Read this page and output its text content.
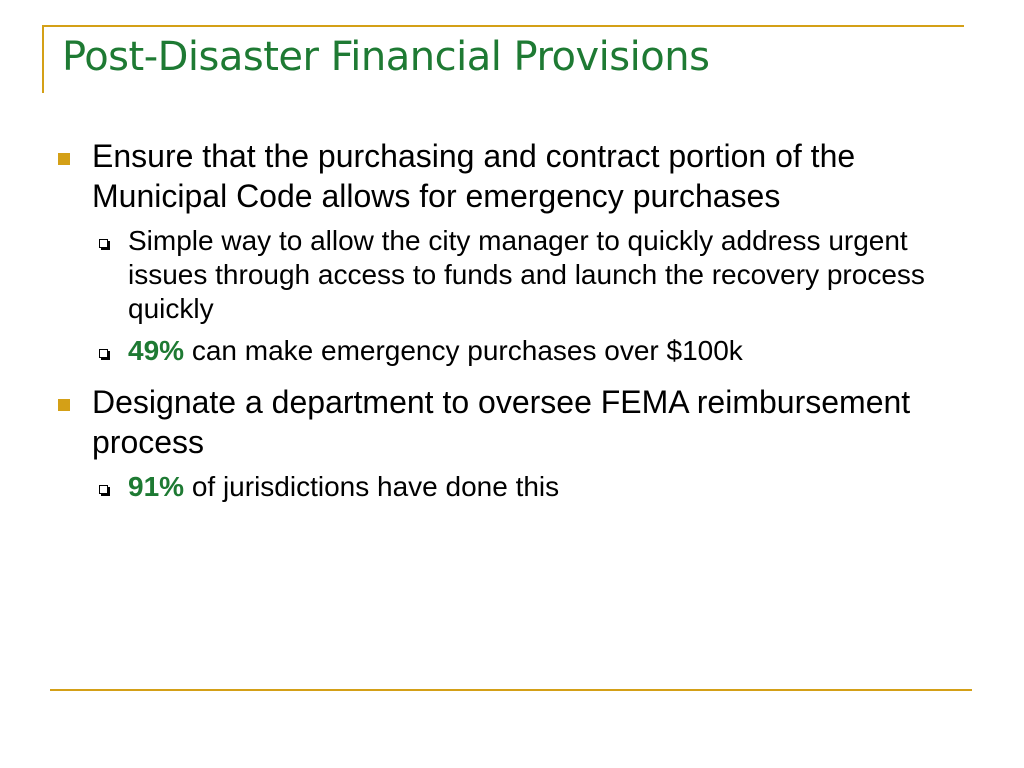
Post-Disaster Financial Provisions
Ensure that the purchasing and contract portion of the Municipal Code allows for emergency purchases
Simple way to allow the city manager to quickly address urgent issues through access to funds and launch the recovery process quickly
49% can make emergency purchases over $100k
Designate a department to oversee FEMA reimbursement process
91% of jurisdictions have done this
